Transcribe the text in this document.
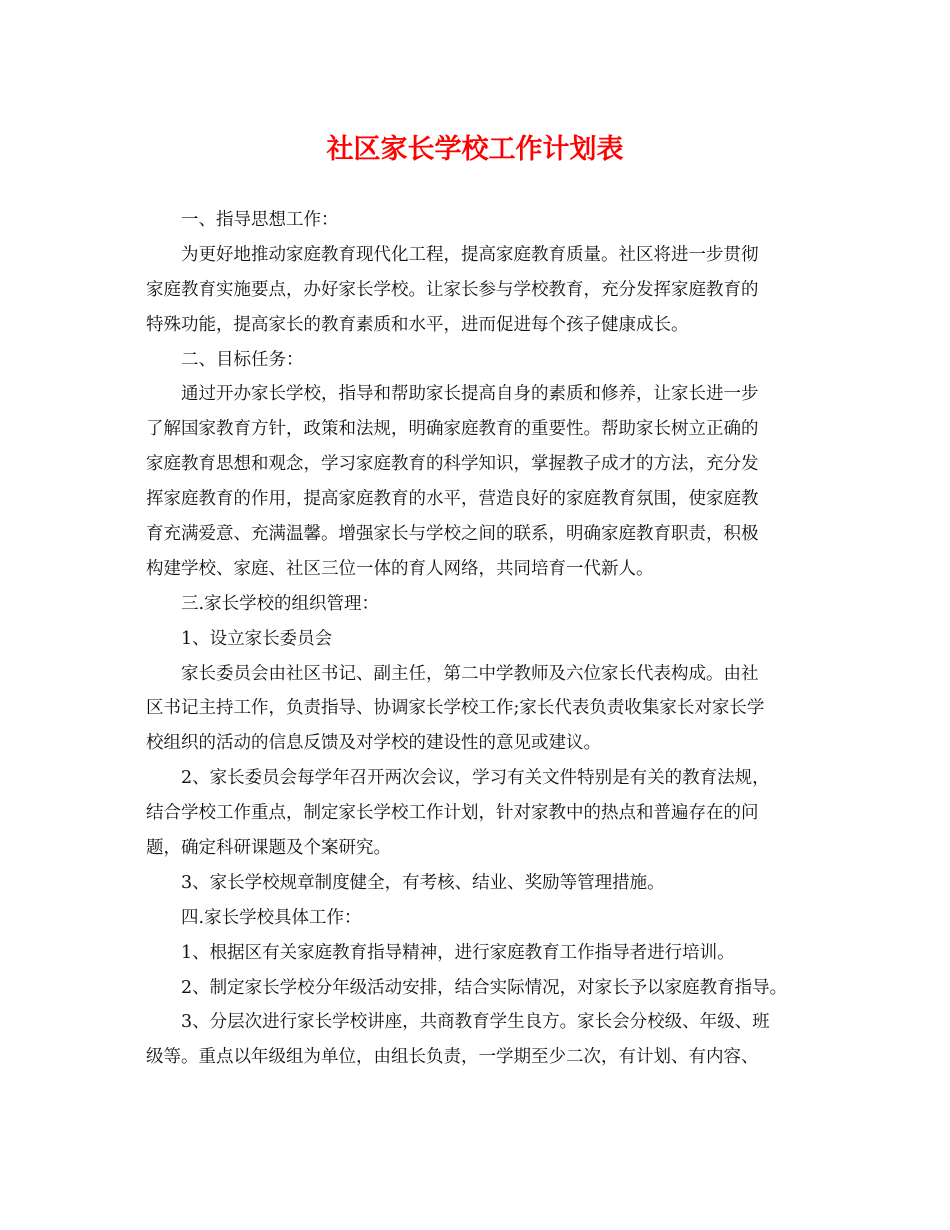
社区家长学校工作计划表
一、指导思想工作：
为更好地推动家庭教育现代化工程，提高家庭教育质量。社区将进一步贯彻
家庭教育实施要点，办好家长学校。让家长参与学校教育，充分发挥家庭教育的
特殊功能，提高家长的教育素质和水平，进而促进每个孩子健康成长。
二、目标任务：
通过开办家长学校，指导和帮助家长提高自身的素质和修养，让家长进一步
了解国家教育方针，政策和法规，明确家庭教育的重要性。帮助家长树立正确的
家庭教育思想和观念，学习家庭教育的科学知识，掌握教子成才的方法，充分发
挥家庭教育的作用，提高家庭教育的水平，营造良好的家庭教育氛围，使家庭教
育充满爱意、充满温馨。增强家长与学校之间的联系，明确家庭教育职责，积极
构建学校、家庭、社区三位一体的育人网络，共同培育一代新人。
三.家长学校的组织管理：
1、设立家长委员会
家长委员会由社区书记、副主任，第二中学教师及六位家长代表构成。由社
区书记主持工作，负责指导、协调家长学校工作;家长代表负责收集家长对家长学
校组织的活动的信息反馈及对学校的建设性的意见或建议。
2、家长委员会每学年召开两次会议，学习有关文件特别是有关的教育法规，
结合学校工作重点，制定家长学校工作计划，针对家教中的热点和普遍存在的问
题，确定科研课题及个案研究。
3、家长学校规章制度健全，有考核、结业、奖励等管理措施。
四.家长学校具体工作：
1、根据区有关家庭教育指导精神，进行家庭教育工作指导者进行培训。
2、制定家长学校分年级活动安排，结合实际情况，对家长予以家庭教育指导。
3、分层次进行家长学校讲座，共商教育学生良方。家长会分校级、年级、班
级等。重点以年级组为单位，由组长负责，一学期至少二次，有计划、有内容、
